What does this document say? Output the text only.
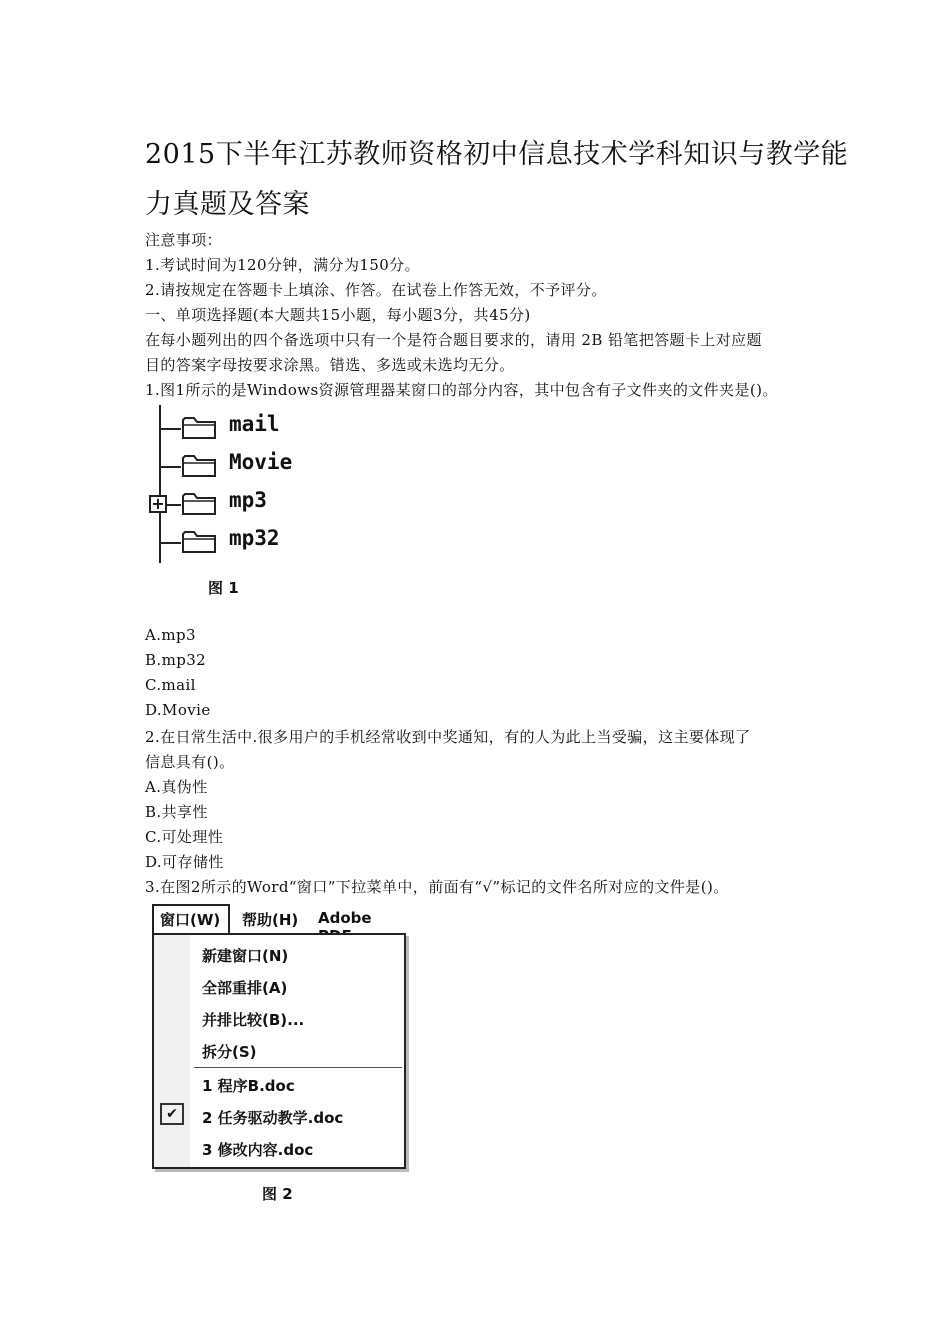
2015下半年江苏教师资格初中信息技术学科知识与教学能
力真题及答案
注意事项：
1.考试时间为120分钟，满分为150分。
2.请按规定在答题卡上填涂、作答。在试卷上作答无效，不予评分。
一、单项选择题(本大题共15小题，每小题3分，共45分)
在每小题列出的四个备选项中只有一个是符合题目要求的，请用 2B 铅笔把答题卡上对应题
目的答案字母按要求涂黑。错选、多选或未选均无分。
1.图1所示的是Windows资源管理器某窗口的部分内容，其中包含有子文件夹的文件夹是()。
mail
Movie
+	mp3
mp32
图 1
A.mp3
B.mp32
C.mail
D.Movie
2.在日常生活中.很多用户的手机经常收到中奖通知，有的人为此上当受骗，这主要体现了
信息具有()。
A.真伪性
B.共享性
C.可处理性
D.可存储性
3.在图2所示的Word“窗口”下拉菜单中，前面有“√”标记的文件名所对应的文件是()。
窗口(W) 帮助(H) Adobe
新建窗口(N)
全部重排(A)
并排比较(B)...
拆分(S)
1 程序B.doc
✔	2 任务驱动教学.doc
3 修改内容.doc
图 2
